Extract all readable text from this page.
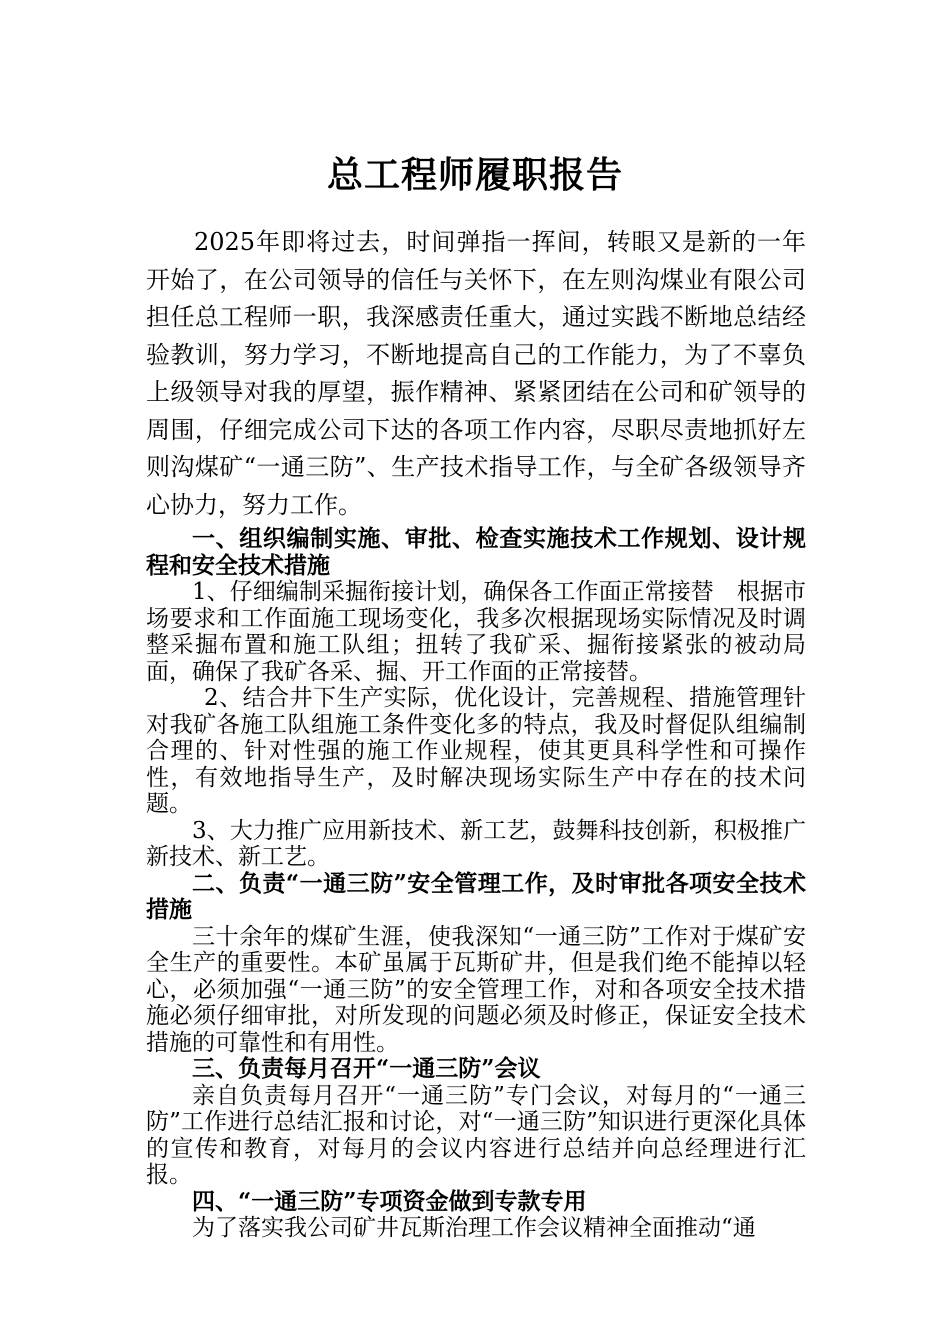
总工程师履职报告

2025年即将过去，时间弹指一挥间，转眼又是新的一年开始了，在公司领导的信任与关怀下，在左则沟煤业有限公司担任总工程师一职，我深感责任重大，通过实践不断地总结经验教训，努力学习，不断地提高自己的工作能力，为了不辜负上级领导对我的厚望，振作精神、紧紧团结在公司和矿领导的周围，仔细完成公司下达的各项工作内容，尽职尽责地抓好左则沟煤矿“一通三防”、生产技术指导工作，与全矿各级领导齐心协力，努力工作。

一、组织编制实施、审批、检查实施技术工作规划、设计规程和安全技术措施

1、仔细编制采掘衔接计划，确保各工作面正常接替　根据市场要求和工作面施工现场变化，我多次根据现场实际情况及时调整采掘布置和施工队组；扭转了我矿采、掘衔接紧张的被动局面，确保了我矿各采、掘、开工作面的正常接替。

2、结合井下生产实际，优化设计，完善规程、措施管理针对我矿各施工队组施工条件变化多的特点，我及时督促队组编制合理的、针对性强的施工作业规程，使其更具科学性和可操作性，有效地指导生产，及时解决现场实际生产中存在的技术问题。

3、大力推广应用新技术、新工艺，鼓舞科技创新，积极推广新技术、新工艺。

二、负责“一通三防”安全管理工作，及时审批各项安全技术措施

三十余年的煤矿生涯，使我深知“一通三防”工作对于煤矿安全生产的重要性。本矿虽属于瓦斯矿井，但是我们绝不能掉以轻心，必须加强“一通三防”的安全管理工作，对和各项安全技术措施必须仔细审批，对所发现的问题必须及时修正，保证安全技术措施的可靠性和有用性。

三、负责每月召开“一通三防”会议

亲自负责每月召开“一通三防”专门会议，对每月的“一通三防”工作进行总结汇报和讨论，对“一通三防”知识进行更深化具体的宣传和教育，对每月的会议内容进行总结并向总经理进行汇报。

四、“一通三防”专项资金做到专款专用

为了落实我公司矿井瓦斯治理工作会议精神全面推动“通
